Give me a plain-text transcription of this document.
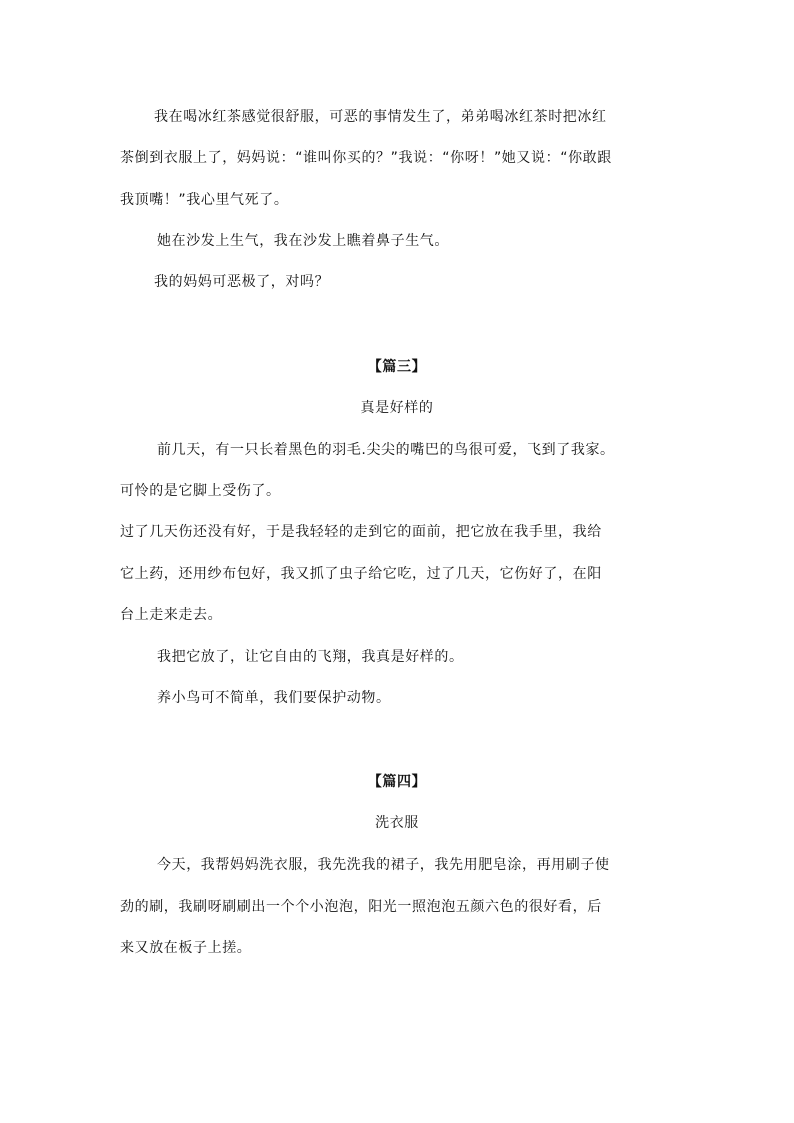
我在喝冰红茶感觉很舒服，可恶的事情发生了，弟弟喝冰红茶时把冰红
茶倒到衣服上了，妈妈说：“谁叫你买的？”我说：“你呀！”她又说：“你敢跟
我顶嘴！”我心里气死了。
她在沙发上生气，我在沙发上瞧着鼻子生气。
我的妈妈可恶极了，对吗？
【篇三】
真是好样的
前几天，有一只长着黑色的羽毛.尖尖的嘴巴的鸟很可爱，飞到了我家。
可怜的是它脚上受伤了。
过了几天伤还没有好，于是我轻轻的走到它的面前，把它放在我手里，我给
它上药，还用纱布包好，我又抓了虫子给它吃，过了几天，它伤好了，在阳
台上走来走去。
我把它放了，让它自由的飞翔，我真是好样的。
养小鸟可不简单，我们要保护动物。
【篇四】
洗衣服
今天，我帮妈妈洗衣服，我先洗我的裙子，我先用肥皂涂，再用刷子使
劲的刷，我刷呀刷刷出一个个小泡泡，阳光一照泡泡五颜六色的很好看，后
来又放在板子上搓。
